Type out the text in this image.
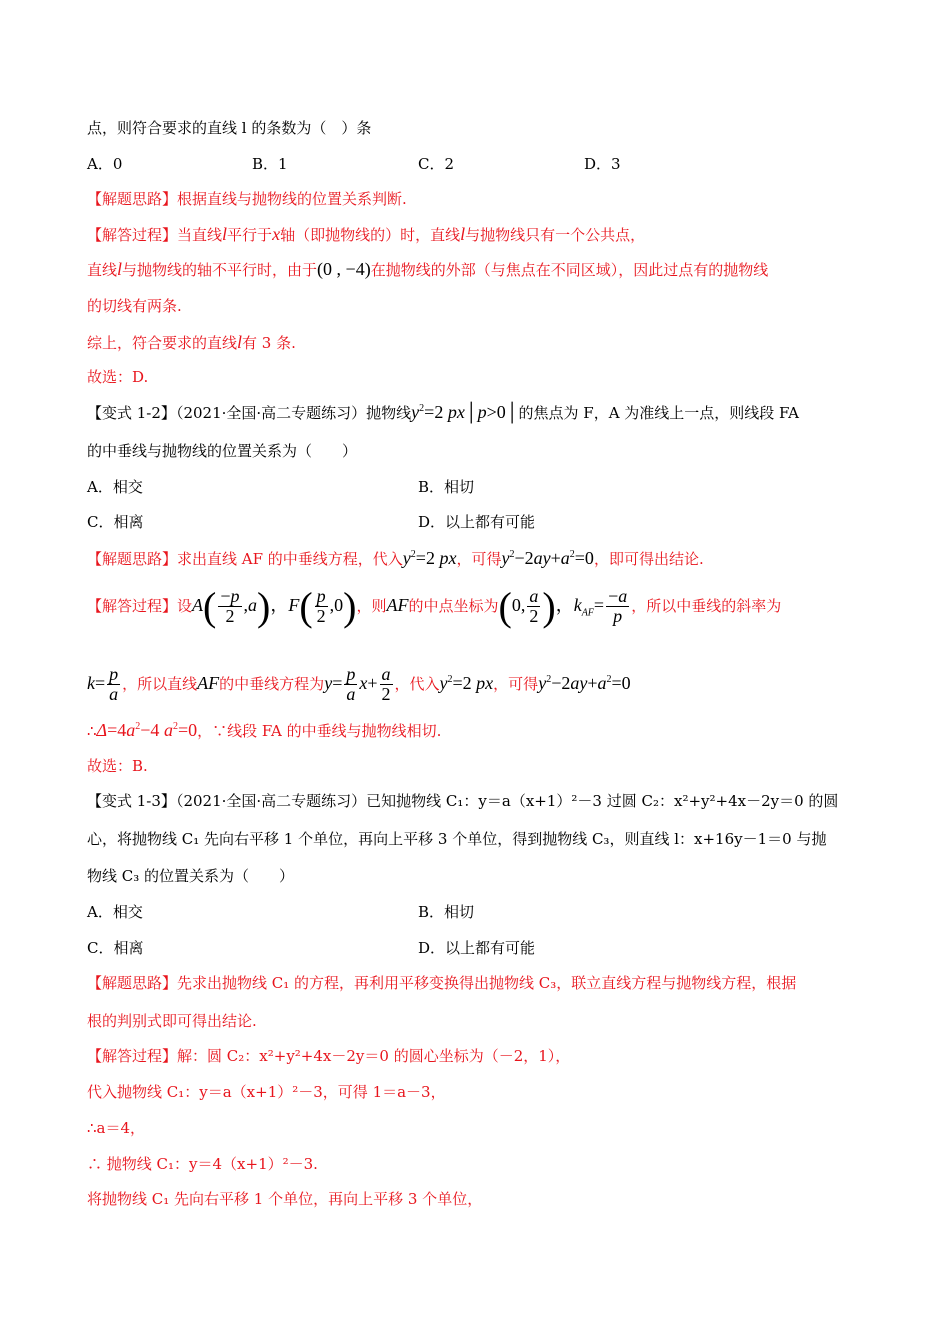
点，则符合要求的直线 l 的条数为（　）条
A．0	B．1	C．2	D．3
【解题思路】根据直线与抛物线的位置关系判断.
【解答过程】当直线l平行于x轴（即抛物线的）时，直线l与抛物线只有一个公共点，
直线l与抛物线的轴不平行时，由于(0 , −4)在抛物线的外部（与焦点在不同区域），因此过点有的抛物线
的切线有两条.
综上，符合要求的直线l有 3 条.
故选：D.
【变式 1-2】（2021·全国·高二专题练习）抛物线$y^2=2$ px│p>0│的焦点为 F，A 为准线上一点，则线段 FA
的中垂线与抛物线的位置关系为（　　）
A．相交	B．相切
C．相离	D．以上都有可能
【解题思路】求出直线 AF 的中垂线方程，代入$y^2=2$ px，可得$y^2-2ay+a^2=0$，即可得出结论.
【解答过程】设$A( \frac{-p}{2} ,a)$，$F( \frac{p}{2} ,0)$，则AF的中点坐标为(0, $\frac{a}{2}$ )，$k_{AF}= \frac{-a}{p}$ ，所以中垂线的斜率为
$k= \frac{p}{a}$ ，所以直线AF的中垂线方程为$y= \frac{p}{a} x+ \frac{a}{2}$ ，代入$y^2=2$ px，可得$y^2-2ay+a^2=0$
$\therefore\Delta=4a^2-4$ $a^2=0$，∵线段 FA 的中垂线与抛物线相切.
故选：B.
【变式 1-3】（2021·全国·高二专题练习）已知抛物线 C₁：y＝a（x+1）²－3 过圆 C₂：x²+y²+4x－2y＝0 的圆
心，将抛物线 C₁ 先向右平移 1 个单位，再向上平移 3 个单位，得到抛物线 C₃，则直线 l：x+16y－1＝0 与抛
物线 C₃ 的位置关系为（　　）
A．相交	B．相切
C．相离	D．以上都有可能
【解题思路】先求出抛物线 C₁ 的方程，再利用平移变换得出抛物线 C₃，联立直线方程与抛物线方程，根据
根的判别式即可得出结论.
【解答过程】解：圆 C₂：x²+y²+4x－2y＝0 的圆心坐标为（－2，1），
代入抛物线 C₁：y＝a（x+1）²－3，可得 1＝a－3，
∴a＝4，
∴ 抛物线 C₁：y＝4（x+1）²－3.
将抛物线 C₁ 先向右平移 1 个单位，再向上平移 3 个单位，
